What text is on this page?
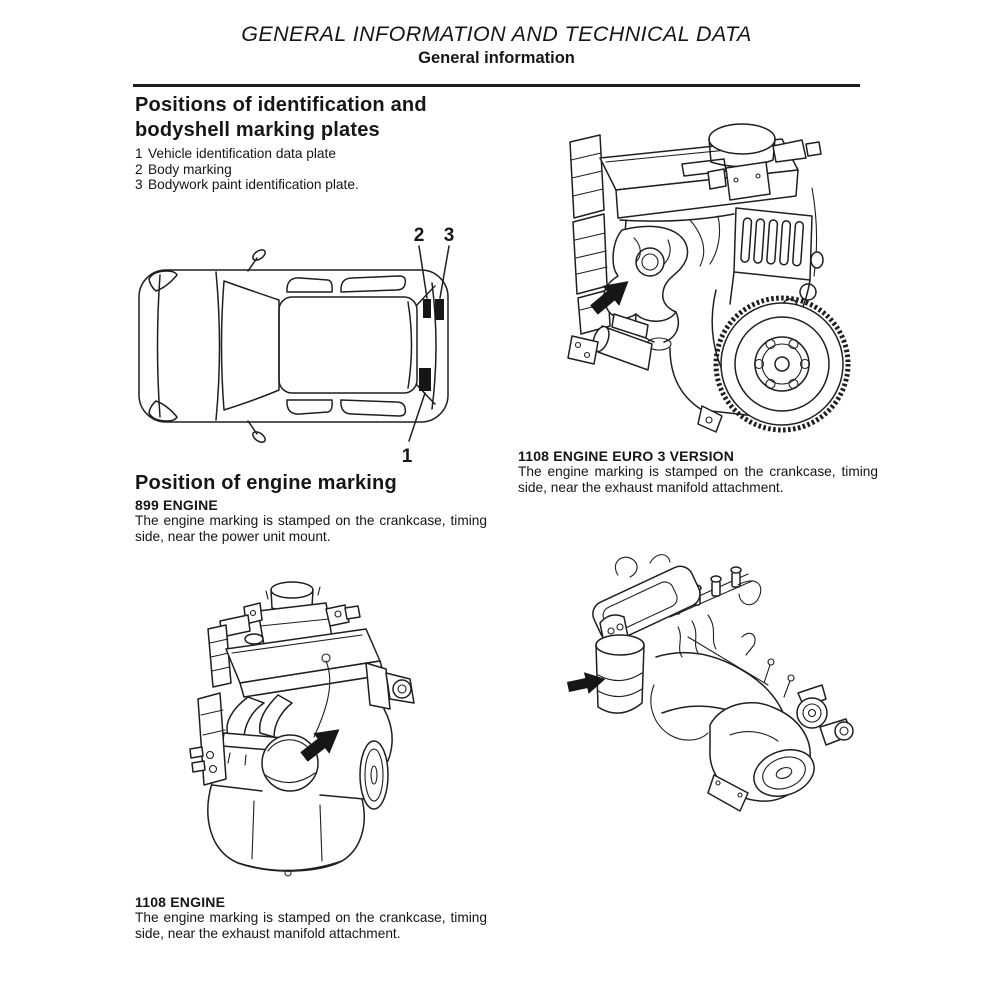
GENERAL INFORMATION AND TECHNICAL DATA
General information
Positions of identification and
bodyshell marking plates
1 Vehicle identification data plate
2 Body marking
3 Bodywork paint identification plate.
2 3
1
Position of engine marking
899 ENGINE
The engine marking is stamped on the crankcase, timing side, near the power unit mount.
1108 ENGINE EURO 3 VERSION
The engine marking is stamped on the crankcase, timing side, near the exhaust manifold attachment.
1108 ENGINE
The engine marking is stamped on the crankcase, timing side, near the exhaust manifold attachment.
